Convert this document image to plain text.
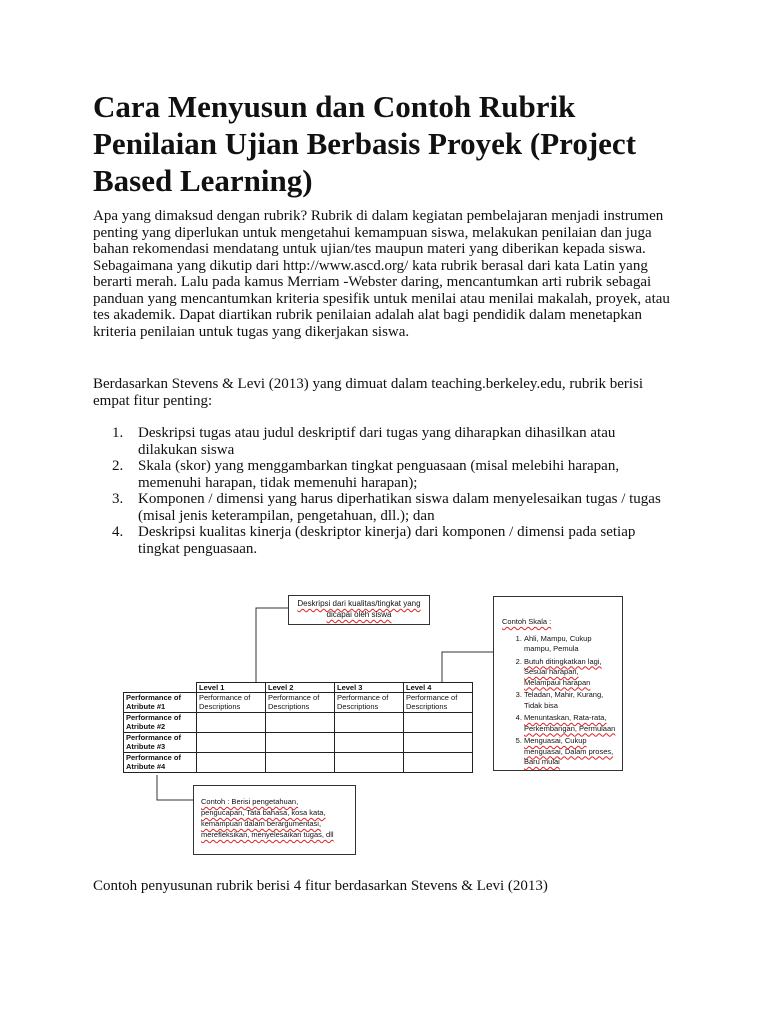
Cara Menyusun dan Contoh Rubrik Penilaian Ujian Berbasis Proyek (Project Based Learning)

Apa yang dimaksud dengan rubrik? Rubrik di dalam kegiatan pembelajaran menjadi instrumen penting yang diperlukan untuk mengetahui kemampuan siswa, melakukan penilaian dan juga bahan rekomendasi mendatang untuk ujian/tes maupun materi yang diberikan kepada siswa. Sebagaimana yang dikutip dari http://www.ascd.org/ kata rubrik berasal dari kata Latin yang berarti merah. Lalu pada kamus Merriam -Webster daring, mencantumkan arti rubrik sebagai panduan yang mencantumkan kriteria spesifik untuk menilai atau menilai makalah, proyek, atau tes akademik. Dapat diartikan rubrik penilaian adalah alat bagi pendidik dalam menetapkan kriteria penilaian untuk tugas yang dikerjakan siswa.

Berdasarkan Stevens & Levi (2013) yang dimuat dalam teaching.berkeley.edu, rubrik berisi empat fitur penting:

1. Deskripsi tugas atau judul deskriptif dari tugas yang diharapkan dihasilkan atau dilakukan siswa
2. Skala (skor) yang menggambarkan tingkat penguasaan (misal melebihi harapan, memenuhi harapan, tidak memenuhi harapan);
3. Komponen / dimensi yang harus diperhatikan siswa dalam menyelesaikan tugas / tugas (misal jenis keterampilan, pengetahuan, dll.); dan
4. Deskripsi kualitas kinerja (deskriptor kinerja) dari komponen / dimensi pada setiap tingkat penguasaan.
Deskripsi dari kualitas/tingkat yang
dicapai oleh siswa
Contoh Skala :
1. Ahli, Mampu, Cukup mampu, Pemula
2. Butuh ditingkatkan lagi, Sesuai harapan, Melampaui harapan
3. Teladan, Mahir, Kurang, Tidak bisa
4. Menuntaskan, Rata-rata, Perkembangan, Permulaan
5. Menguasai, Cukup menguasai, Dalam proses, Baru mulai
	Level 1	Level 2	Level 3	Level 4
Performance of Atribute #1	Performance of Descriptions	Performance of Descriptions	Performance of Descriptions	Performance of Descriptions
Performance of Atribute #2				
Performance of Atribute #3				
Performance of Atribute #4				
Contoh : Berisi pengetahuan,
pengucapan, Tata bahasa, kosa kata,
kemampuan dalam berargumentasi,
merefleksikan, menyelesaikan tugas, dll

Contoh penyusunan rubrik berisi 4 fitur berdasarkan Stevens & Levi (2013)
